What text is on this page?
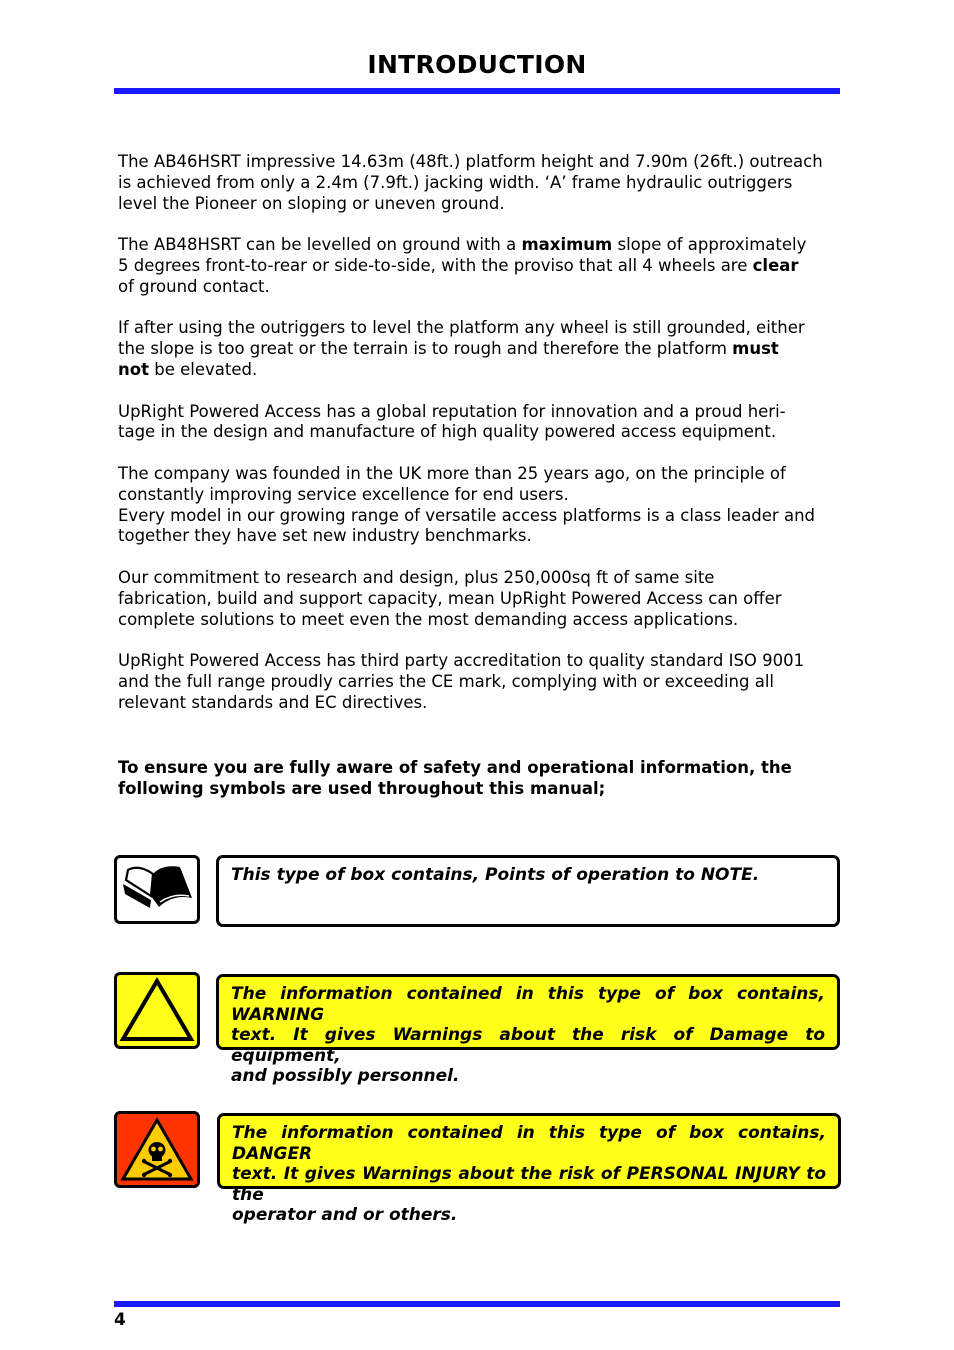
INTRODUCTION

The AB46HSRT impressive 14.63m (48ft.) platform height and 7.90m (26ft.) outreach
is achieved from only a 2.4m (7.9ft.) jacking width. ‘A’ frame hydraulic outriggers
level the Pioneer on sloping or uneven ground.

The AB48HSRT can be levelled on ground with a maximum slope of approximately
5 degrees front-to-rear or side-to-side, with the proviso that all 4 wheels are clear
of ground contact.

If after using the outriggers to level the platform any wheel is still grounded, either
the slope is too great or the terrain is to rough and therefore the platform must
not be elevated.

UpRight Powered Access has a global reputation for innovation and a proud heri-
tage in the design and manufacture of high quality powered access equipment.

The company was founded in the UK more than 25 years ago, on the principle of
constantly improving service excellence for end users.
Every model in our growing range of versatile access platforms is a class leader and
together they have set new industry benchmarks.

Our commitment to research and design, plus 250,000sq ft of same site
fabrication, build and support capacity, mean UpRight Powered Access can offer
complete solutions to meet even the most demanding access applications.

UpRight Powered Access has third party accreditation to quality standard ISO 9001
and the full range proudly carries the CE mark, complying with or exceeding all
relevant standards and EC directives.

To ensure you are fully aware of safety and operational information, the
following symbols are used throughout this manual;
This type of box contains, Points of operation to NOTE.
The information contained in this type of box contains, WARNING
text. It gives Warnings about the risk of Damage to equipment,
and possibly personnel.
The information contained in this type of box contains, DANGER
text. It gives Warnings about the risk of PERSONAL INJURY to the
operator and or others.
4
